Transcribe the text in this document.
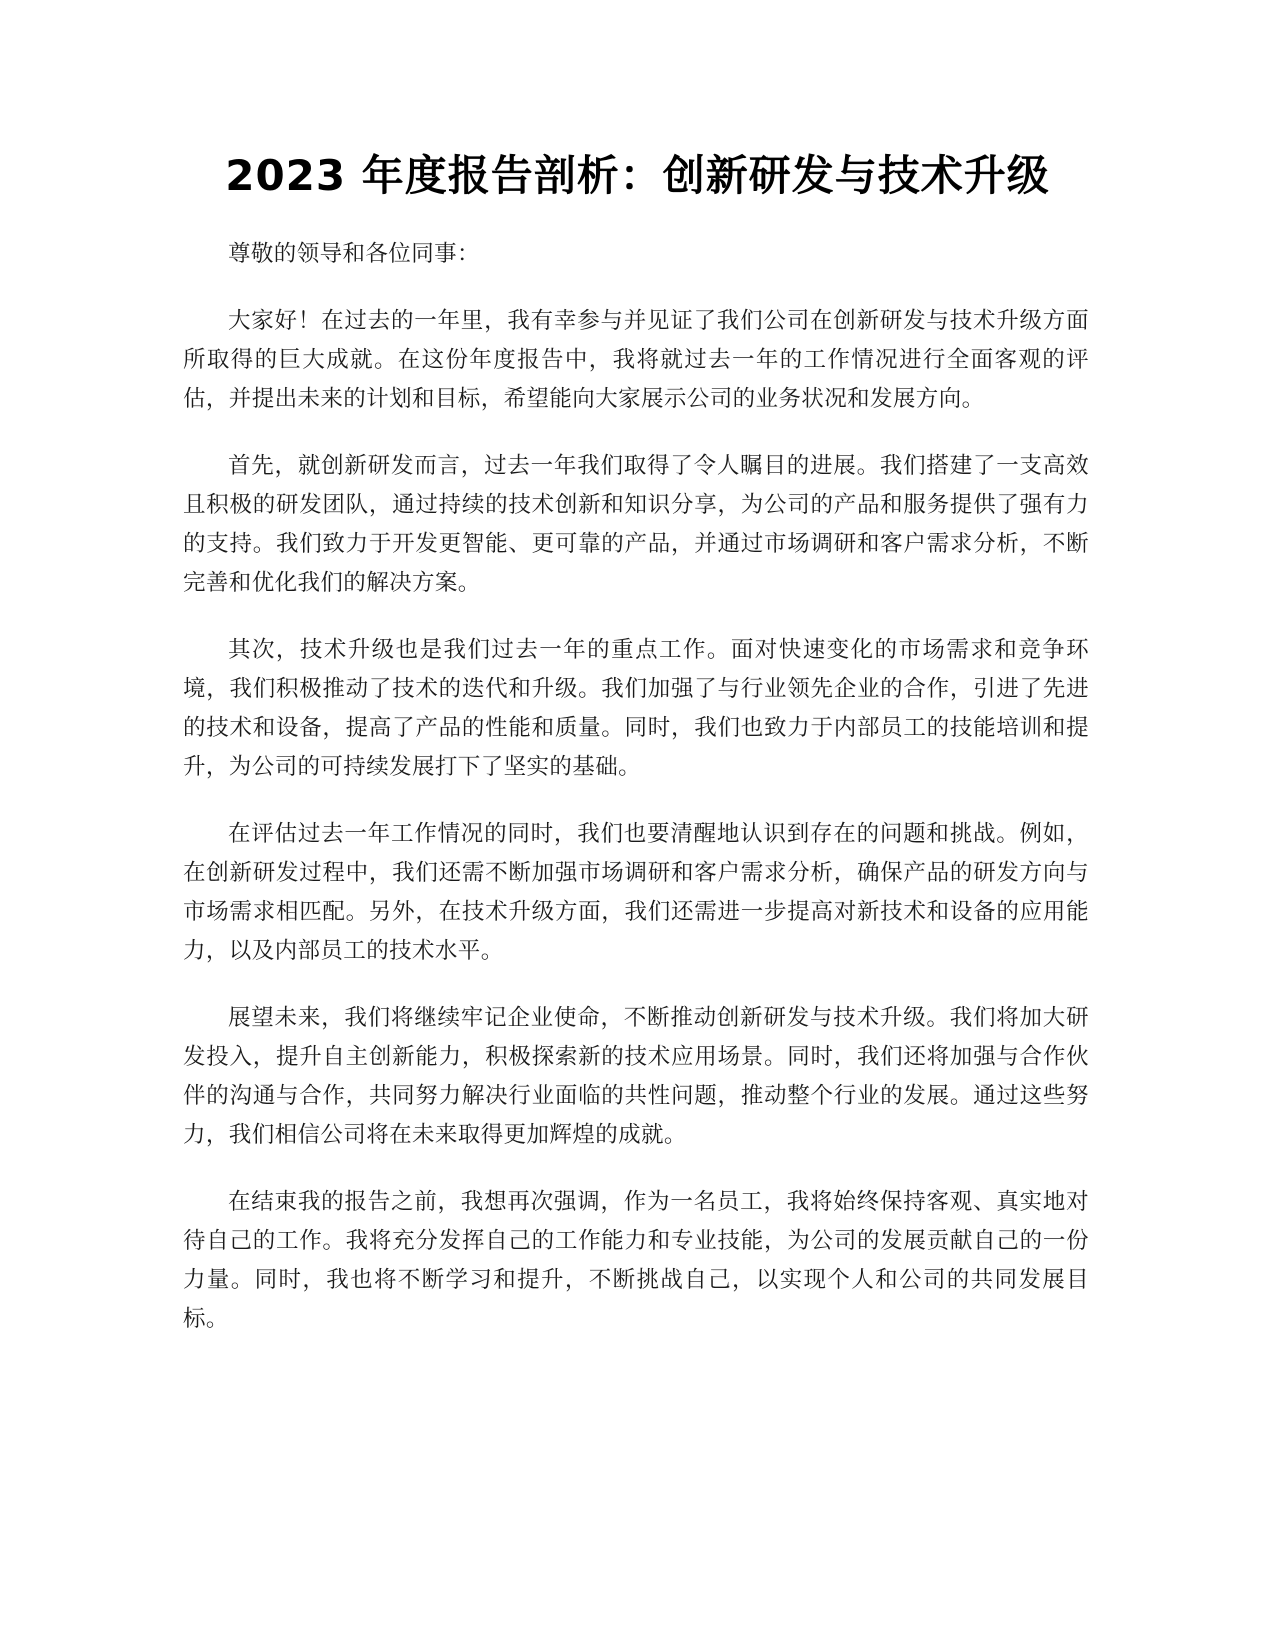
2023 年度报告剖析：创新研发与技术升级

尊敬的领导和各位同事：

大家好！在过去的一年里，我有幸参与并见证了我们公司在创新研发与技术升级方面所取得的巨大成就。在这份年度报告中，我将就过去一年的工作情况进行全面客观的评估，并提出未来的计划和目标，希望能向大家展示公司的业务状况和发展方向。

首先，就创新研发而言，过去一年我们取得了令人瞩目的进展。我们搭建了一支高效且积极的研发团队，通过持续的技术创新和知识分享，为公司的产品和服务提供了强有力的支持。我们致力于开发更智能、更可靠的产品，并通过市场调研和客户需求分析，不断完善和优化我们的解决方案。

其次，技术升级也是我们过去一年的重点工作。面对快速变化的市场需求和竞争环境，我们积极推动了技术的迭代和升级。我们加强了与行业领先企业的合作，引进了先进的技术和设备，提高了产品的性能和质量。同时，我们也致力于内部员工的技能培训和提升，为公司的可持续发展打下了坚实的基础。

在评估过去一年工作情况的同时，我们也要清醒地认识到存在的问题和挑战。例如，在创新研发过程中，我们还需不断加强市场调研和客户需求分析，确保产品的研发方向与市场需求相匹配。另外，在技术升级方面，我们还需进一步提高对新技术和设备的应用能力，以及内部员工的技术水平。

展望未来，我们将继续牢记企业使命，不断推动创新研发与技术升级。我们将加大研发投入，提升自主创新能力，积极探索新的技术应用场景。同时，我们还将加强与合作伙伴的沟通与合作，共同努力解决行业面临的共性问题，推动整个行业的发展。通过这些努力，我们相信公司将在未来取得更加辉煌的成就。

在结束我的报告之前，我想再次强调，作为一名员工，我将始终保持客观、真实地对待自己的工作。我将充分发挥自己的工作能力和专业技能，为公司的发展贡献自己的一份力量。同时，我也将不断学习和提升，不断挑战自己，以实现个人和公司的共同发展目标。
